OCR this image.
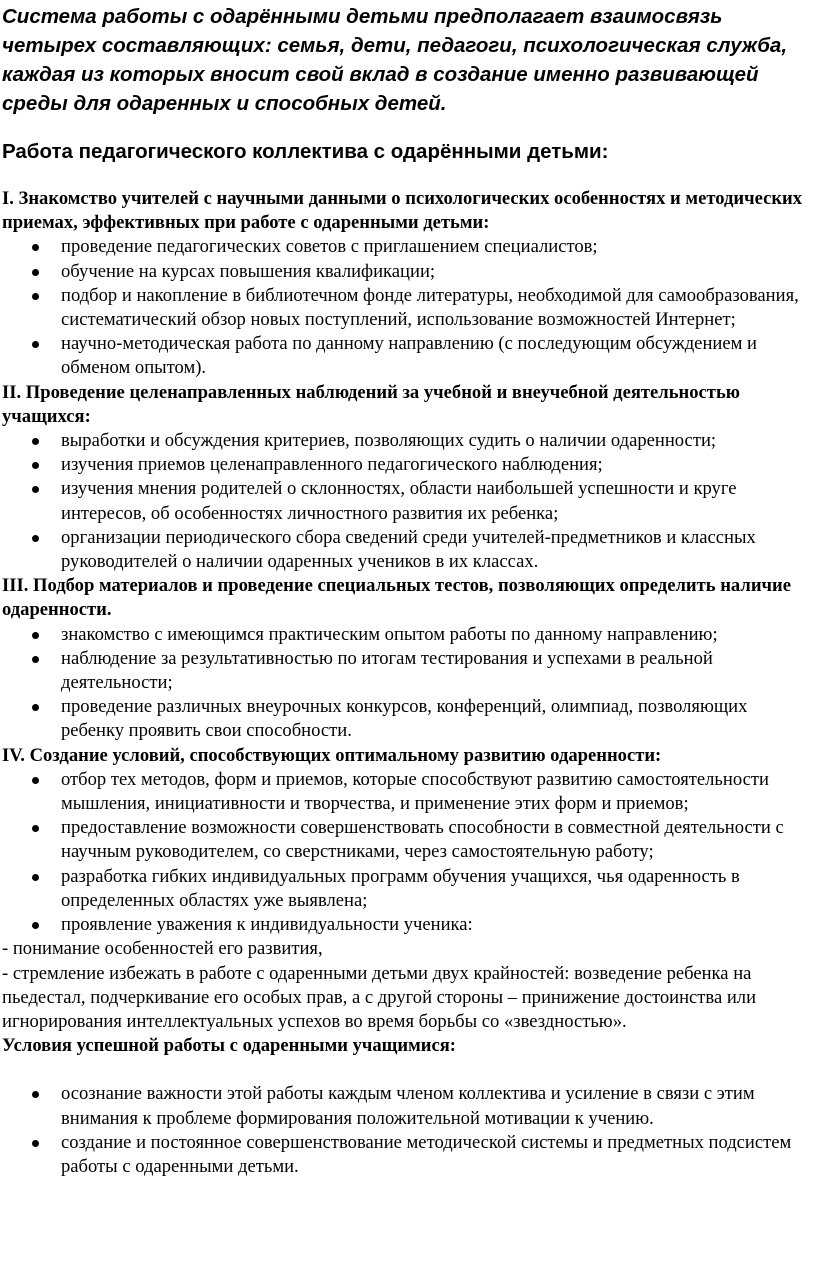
Система работы с одарёнными детьми предполагает взаимосвязь четырех составляющих: семья, дети, педагоги, психологическая служба, каждая из которых вносит свой вклад в создание именно развивающей среды для одаренных и способных детей.

Работа педагогического коллектива с одарёнными детьми:

I. Знакомство учителей с научными данными о психологических особенностях и методических приемах, эффективных при работе с одаренными детьми:

проведение педагогических советов с приглашением специалистов;
обучение на курсах повышения квалификации;
подбор и накопление в библиотечном фонде литературы, необходимой для самообразования, систематический обзор новых поступлений, использование возможностей Интернет;
научно-методическая работа по данному направлению (с последующим обсуждением и обменом опытом).

II. Проведение целенаправленных наблюдений за учебной и внеучебной деятельностью учащихся:

выработки и обсуждения критериев, позволяющих судить о наличии одаренности;
изучения приемов целенаправленного педагогического наблюдения;
изучения мнения родителей о склонностях, области наибольшей успешности и круге интересов, об особенностях личностного развития их ребенка;
организации периодического сбора сведений среди учителей-предметников и классных руководителей о наличии одаренных учеников в их классах.

III. Подбор материалов и проведение специальных тестов, позволяющих определить наличие одаренности.

знакомство с имеющимся практическим опытом работы по данному направлению;
наблюдение за результативностью по итогам тестирования и успехами в реальной деятельности;
проведение различных внеурочных конкурсов, конференций, олимпиад, позволяющих ребенку проявить свои способности.

IV. Создание условий, способствующих оптимальному развитию одаренности:

отбор тех методов, форм и приемов, которые способствуют развитию самостоятельности мышления, инициативности и творчества, и применение этих форм и приемов;
предоставление возможности совершенствовать способности в совместной деятельности с научным руководителем, со сверстниками, через самостоятельную работу;
разработка гибких индивидуальных программ обучения учащихся, чья одаренность в определенных областях уже выявлена;
проявление уважения к индивидуальности ученика:

- понимание особенностей его развития,

- стремление избежать в работе с одаренными детьми двух крайностей: возведение ребенка на пьедестал, подчеркивание его особых прав, а с другой стороны – принижение достоинства или игнорирования интеллектуальных успехов во время борьбы со «звездностью».

Условия успешной работы с одаренными учащимися:

осознание важности этой работы каждым членом коллектива и усиление в связи с этим внимания к проблеме формирования положительной мотивации к учению.
создание и постоянное совершенствование методической системы и предметных подсистем работы с одаренными детьми.
